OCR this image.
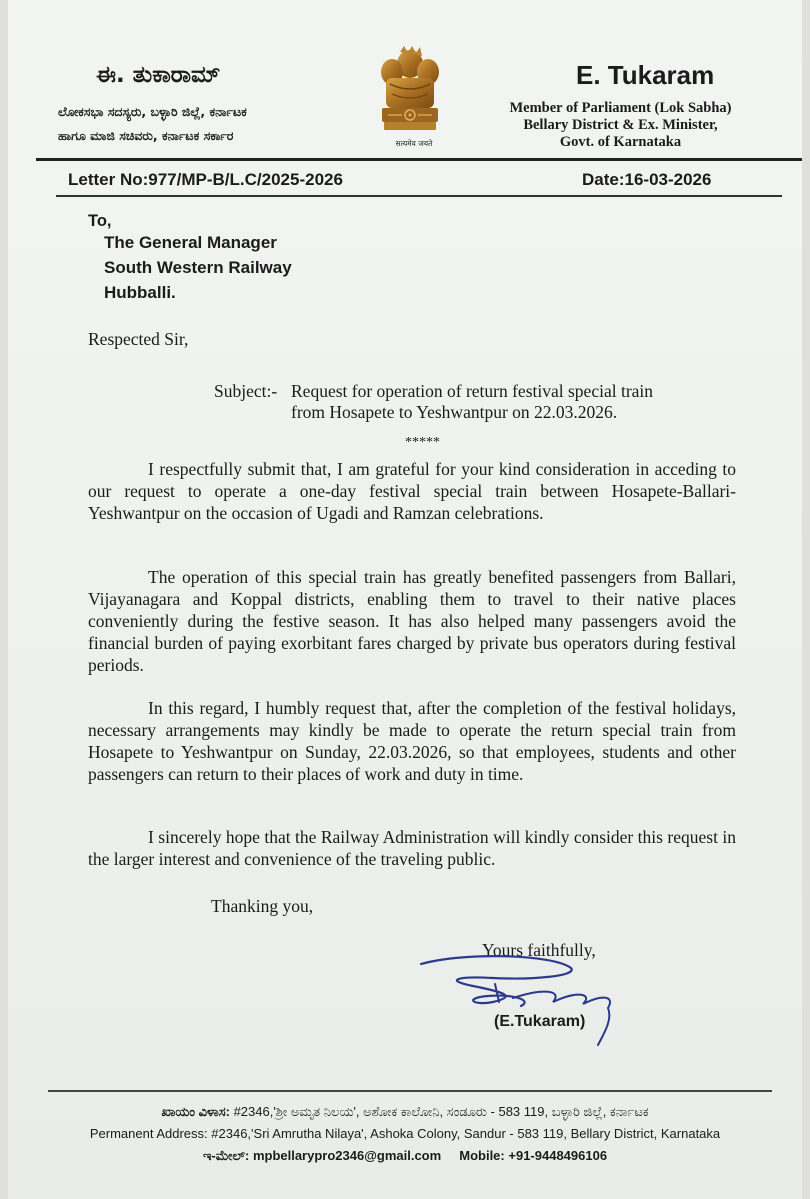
ಈ. ತುಕಾರಾಮ್
ಲೋಕಸಭಾ ಸದಸ್ಯರು, ಬಳ್ಳಾರಿ ಜಿಲ್ಲೆ, ಕರ್ನಾಟಕ
ಹಾಗೂ ಮಾಜಿ ಸಚಿವರು, ಕರ್ನಾಟಕ ಸರ್ಕಾರ
सत्यमेव जयते
E. Tukaram
Member of Parliament (Lok Sabha)
Bellary District & Ex. Minister,
Govt. of Karnataka
Letter No:977/MP-B/L.C/2025-2026	Date:16-03-2026
To,
The General Manager
South Western Railway
Hubballi.
Respected Sir,
Subject:- Request for operation of return festival special train
from Hosapete to Yeshwantpur on 22.03.2026.
*****
I respectfully submit that, I am grateful for your kind consideration in acceding to our request to operate a one-day festival special train between Hosapete-Ballari-Yeshwantpur on the occasion of Ugadi and Ramzan celebrations.
The operation of this special train has greatly benefited passengers from Ballari, Vijayanagara and Koppal districts, enabling them to travel to their native places conveniently during the festive season. It has also helped many passengers avoid the financial burden of paying exorbitant fares charged by private bus operators during festival periods.
In this regard, I humbly request that, after the completion of the festival holidays, necessary arrangements may kindly be made to operate the return special train from Hosapete to Yeshwantpur on Sunday, 22.03.2026, so that employees, students and other passengers can return to their places of work and duty in time.
I sincerely hope that the Railway Administration will kindly consider this request in the larger interest and convenience of the traveling public.
Thanking you,
Yours faithfully,
(E.Tukaram)
ಖಾಯಂ ವಿಳಾಸ: #2346,'ಶ್ರೀ ಅಮೃತ ನಿಲಯ', ಅಶೋಕ ಕಾಲೋನಿ, ಸಂಡೂರು - 583 119, ಬಳ್ಳಾರಿ ಜಿಲ್ಲೆ, ಕರ್ನಾಟಕ
Permanent Address: #2346,'Sri Amrutha Nilaya', Ashoka Colony, Sandur - 583 119, Bellary District, Karnataka
ಇ-ಮೇಲ್: mpbellarypro2346@gmail.com Mobile: +91-9448496106
